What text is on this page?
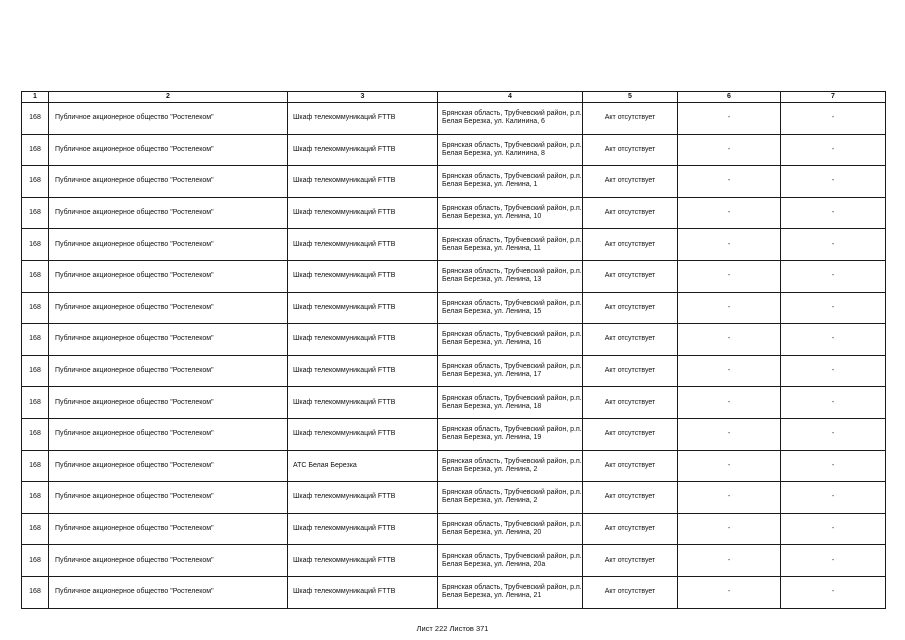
1	2	3	4	5	6	7
168	Публичное акционерное общество "Ростелеком"	Шкаф телекоммуникаций FTTB	Брянская область, Трубчевский район, р.п. Белая Березка, ул. Калинина, 6	Акт отсутствует	-	-
168	Публичное акционерное общество "Ростелеком"	Шкаф телекоммуникаций FTTB	Брянская область, Трубчевский район, р.п. Белая Березка, ул. Калинина, 8	Акт отсутствует	-	-
168	Публичное акционерное общество "Ростелеком"	Шкаф телекоммуникаций FTTB	Брянская область, Трубчевский район, р.п. Белая Березка, ул. Ленина, 1	Акт отсутствует	-	-
168	Публичное акционерное общество "Ростелеком"	Шкаф телекоммуникаций FTTB	Брянская область, Трубчевский район, р.п. Белая Березка, ул. Ленина, 10	Акт отсутствует	-	-
168	Публичное акционерное общество "Ростелеком"	Шкаф телекоммуникаций FTTB	Брянская область, Трубчевский район, р.п. Белая Березка, ул. Ленина, 11	Акт отсутствует	-	-
168	Публичное акционерное общество "Ростелеком"	Шкаф телекоммуникаций FTTB	Брянская область, Трубчевский район, р.п. Белая Березка, ул. Ленина, 13	Акт отсутствует	-	-
168	Публичное акционерное общество "Ростелеком"	Шкаф телекоммуникаций FTTB	Брянская область, Трубчевский район, р.п. Белая Березка, ул. Ленина, 15	Акт отсутствует	-	-
168	Публичное акционерное общество "Ростелеком"	Шкаф телекоммуникаций FTTB	Брянская область, Трубчевский район, р.п. Белая Березка, ул. Ленина, 16	Акт отсутствует	-	-
168	Публичное акционерное общество "Ростелеком"	Шкаф телекоммуникаций FTTB	Брянская область, Трубчевский район, р.п. Белая Березка, ул. Ленина, 17	Акт отсутствует	-	-
168	Публичное акционерное общество "Ростелеком"	Шкаф телекоммуникаций FTTB	Брянская область, Трубчевский район, р.п. Белая Березка, ул. Ленина, 18	Акт отсутствует	-	-
168	Публичное акционерное общество "Ростелеком"	Шкаф телекоммуникаций FTTB	Брянская область, Трубчевский район, р.п. Белая Березка, ул. Ленина, 19	Акт отсутствует	-	-
168	Публичное акционерное общество "Ростелеком"	АТС Белая Березка	Брянская область, Трубчевский район, р.п. Белая Березка, ул. Ленина, 2	Акт отсутствует	-	-
168	Публичное акционерное общество "Ростелеком"	Шкаф телекоммуникаций FTTB	Брянская область, Трубчевский район, р.п. Белая Березка, ул. Ленина, 2	Акт отсутствует	-	-
168	Публичное акционерное общество "Ростелеком"	Шкаф телекоммуникаций FTTB	Брянская область, Трубчевский район, р.п. Белая Березка, ул. Ленина, 20	Акт отсутствует	-	-
168	Публичное акционерное общество "Ростелеком"	Шкаф телекоммуникаций FTTB	Брянская область, Трубчевский район, р.п. Белая Березка, ул. Ленина, 20а	Акт отсутствует	-	-
168	Публичное акционерное общество "Ростелеком"	Шкаф телекоммуникаций FTTB	Брянская область, Трубчевский район, р.п. Белая Березка, ул. Ленина, 21	Акт отсутствует	-	-
Лист 222 Листов 371
